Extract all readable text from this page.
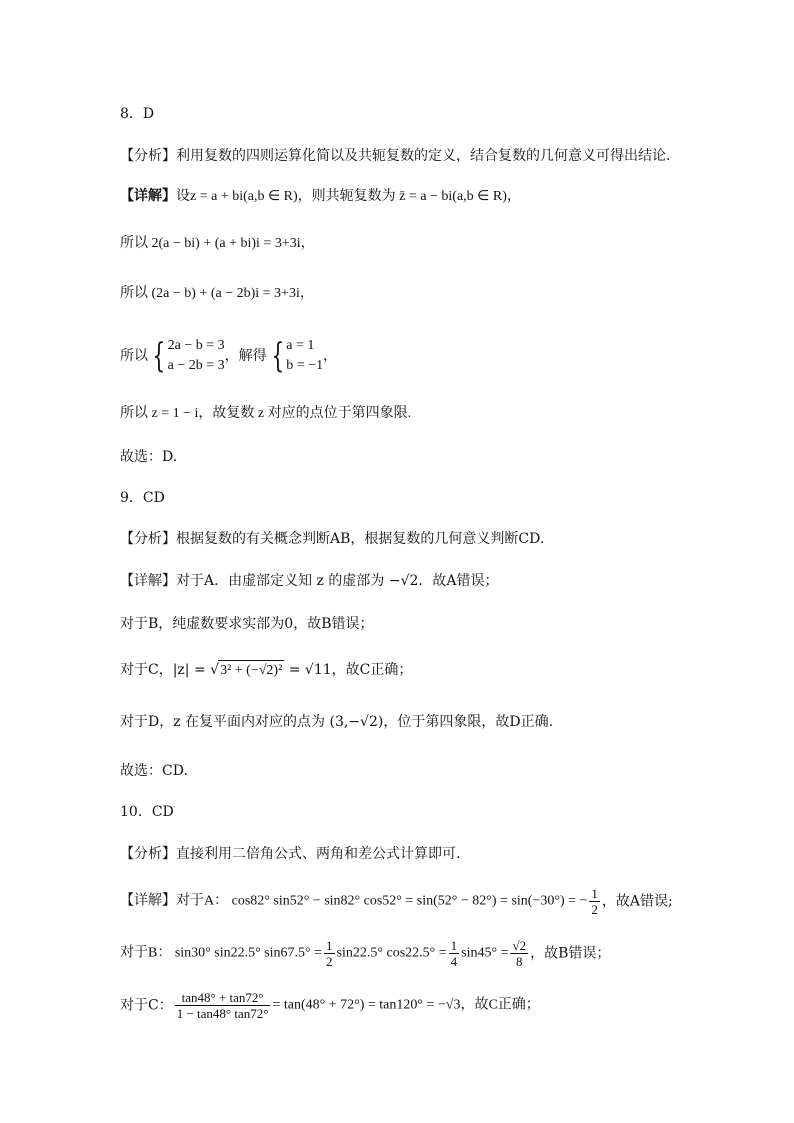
8．D
【分析】利用复数的四则运算化简以及共轭复数的定义，结合复数的几何意义可得出结论.
【详解】设z = a + bi(a,b ∈ R)，则共轭复数为 z̄ = a − bi(a,b ∈ R)，
所以 2(a − bi) + (a + bi)i = 3+3i，
所以 (2a − b) + (a − 2b)i = 3+3i，
所以 { 2a − b = 3
a − 2b = 3
，解得 { a = 1
b = −1
，
所以 z = 1 − i，故复数 z 对应的点位于第四象限.
故选：D.
9．CD
【分析】根据复数的有关概念判断AB，根据复数的几何意义判断CD.
【详解】对于A．由虚部定义知 z 的虚部为 −√2．故A错误；
对于B，纯虚数要求实部为0，故B错误；
对于C，|z| = √3² + (−√2)² = √11，故C正确；
对于D，z 在复平面内对应的点为 (3,−√2)，位于第四象限，故D正确.
故选：CD.
10．CD
【分析】直接利用二倍角公式、两角和差公式计算即可.
【详解】对于A： cos82° sin52° − sin82° cos52° = sin(52° − 82°) = sin(−30°) = − $\frac{1}{2}$ ，故A错误;
对于B： sin30° sin22.5° $\sin 67.5^\circ = \frac{1}{2} \sin 22.5^\circ$ $\cos 22.5^\circ = \frac{1}{4} \sin 45^\circ = \frac{√2}{8}$ ，故B错误；
对于C： $\frac{\tan 48^\circ + \tan 72^\circ}{1 - \tan 48^\circ \tan 72^\circ} = \tan(48^\circ + 72^\circ) = \tan 120^\circ = -√3$，故C正确；
